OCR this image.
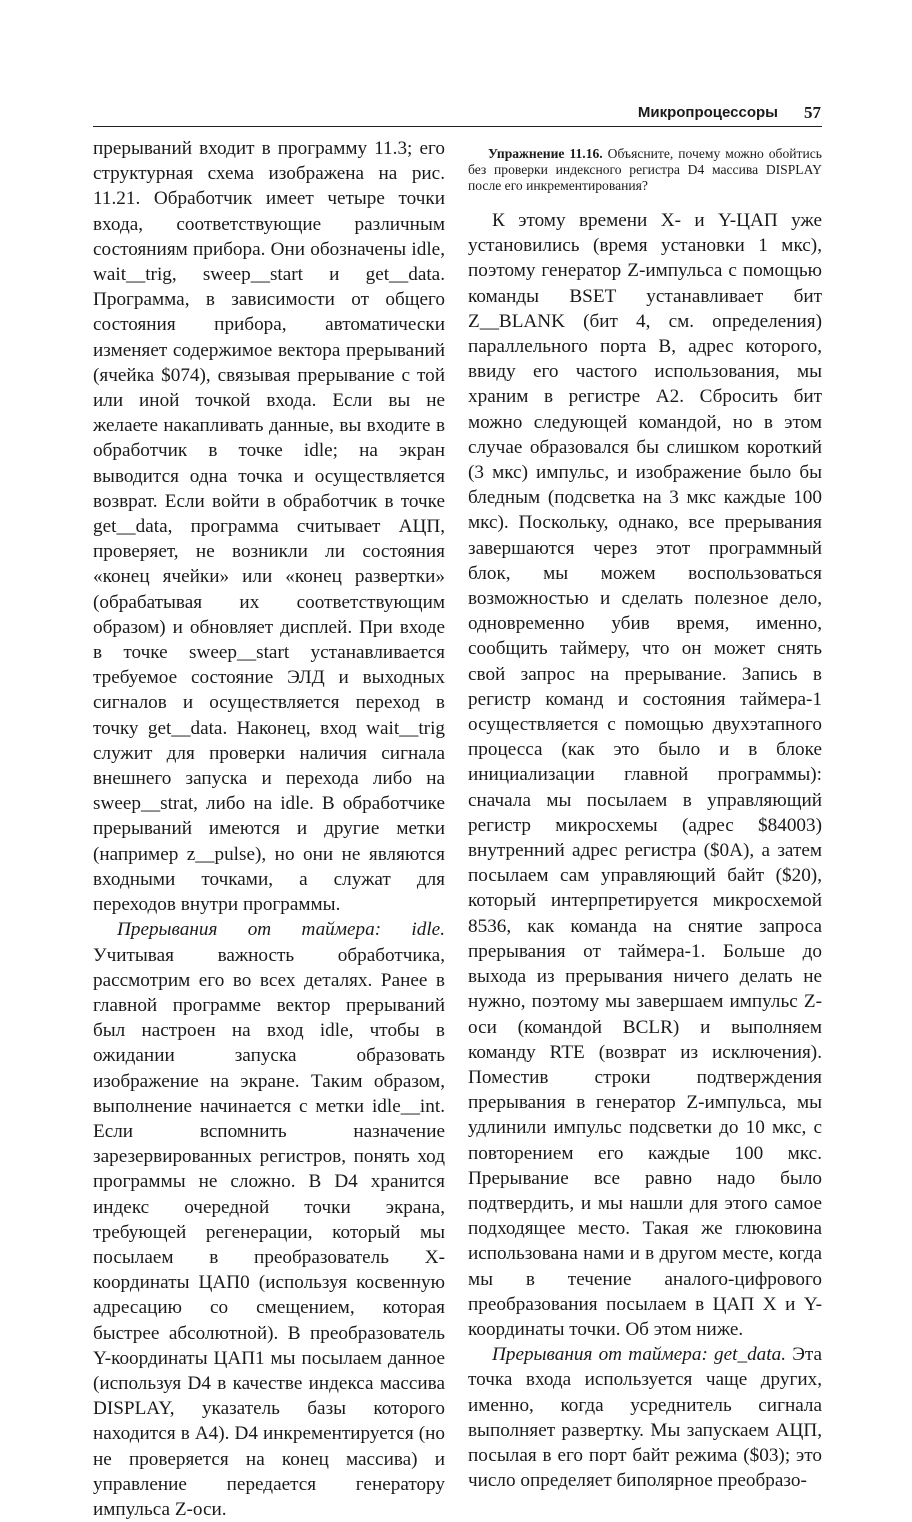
Микропроцессоры 57

прерываний входит в программу 11.3; его структурная схема изображена на рис. 11.21. Обработчик имеет четыре точки входа, соответствующие различным состояниям прибора. Они обозначены idle, wait__trig, sweep__start и get__data. Программа, в зависимости от общего состояния прибора, автоматически изменяет содержимое вектора прерываний (ячейка $074), связывая прерывание с той или иной точкой входа. Если вы не желаете накапливать данные, вы входите в обработчик в точке idle; на экран выводится одна точка и осуществляется возврат. Если войти в обработчик в точке get__data, программа считывает АЦП, проверяет, не возникли ли состояния «конец ячейки» или «конец развертки» (обрабатывая их соответствующим образом) и обновляет дисплей. При входе в точке sweep__start устанавливается требуемое состояние ЭЛД и выходных сигналов и осуществляется переход в точку get__data. Наконец, вход wait__trig служит для проверки наличия сигнала внешнего запуска и перехода либо на sweep__strat, либо на idle. В обработчике прерываний имеются и другие метки (например z__pulse), но они не являются входными точками, а служат для переходов внутри программы.

Прерывания от таймера: idle. Учитывая важность обработчика, рассмотрим его во всех деталях. Ранее в главной программе вектор прерываний был настроен на вход idle, чтобы в ожидании запуска образовать изображение на экране. Таким образом, выполнение начинается с метки idle__int. Если вспомнить назначение зарезервированных регистров, понять ход программы не сложно. В D4 хранится индекс очередной точки экрана, требующей регенерации, который мы посылаем в преобразователь X-координаты ЦАП0 (используя косвенную адресацию со смещением, которая быстрее абсолютной). В преобразователь Y-координаты ЦАП1 мы посылаем данное (используя D4 в качестве индекса массива DISPLAY, указатель базы которого находится в A4). D4 инкрементируется (но не проверяется на конец массива) и управление передается генератору импульса Z-оси.

Упражнение 11.16. Объясните, почему можно обойтись без проверки индексного регистра D4 массива DISPLAY после его инкрементирования?

К этому времени X- и Y-ЦАП уже установились (время установки 1 мкс), поэтому генератор Z-импульса с помощью команды BSET устанавливает бит Z__BLANK (бит 4, см. определения) параллельного порта B, адрес которого, ввиду его частого использования, мы храним в регистре A2. Сбросить бит можно следующей командой, но в этом случае образовался бы слишком короткий (3 мкс) импульс, и изображение было бы бледным (подсветка на 3 мкс каждые 100 мкс). Поскольку, однако, все прерывания завершаются через этот программный блок, мы можем воспользоваться возможностью и сделать полезное дело, одновременно убив время, именно, сообщить таймеру, что он может снять свой запрос на прерывание. Запись в регистр команд и состояния таймера-1 осуществляется с помощью двухэтапного процесса (как это было и в блоке инициализации главной программы): сначала мы посылаем в управляющий регистр микросхемы (адрес $84003) внутренний адрес регистра ($0A), а затем посылаем сам управляющий байт ($20), который интерпретируется микросхемой 8536, как команда на снятие запроса прерывания от таймера-1. Больше до выхода из прерывания ничего делать не нужно, поэтому мы завершаем импульс Z-оси (командой BCLR) и выполняем команду RTE (возврат из исключения). Поместив строки подтверждения прерывания в генератор Z-импульса, мы удлинили импульс подсветки до 10 мкс, с повторением его каждые 100 мкс. Прерывание все равно надо было подтвердить, и мы нашли для этого самое подходящее место. Такая же глюковина использована нами и в другом месте, когда мы в течение аналого-цифрового преобразования посылаем в ЦАП X и Y-координаты точки. Об этом ниже.

Прерывания от таймера: get_data. Эта точка входа используется чаще других, именно, когда усреднитель сигнала выполняет развертку. Мы запускаем АЦП, посылая в его порт байт режима ($03); это число определяет биполярное преобразо-
